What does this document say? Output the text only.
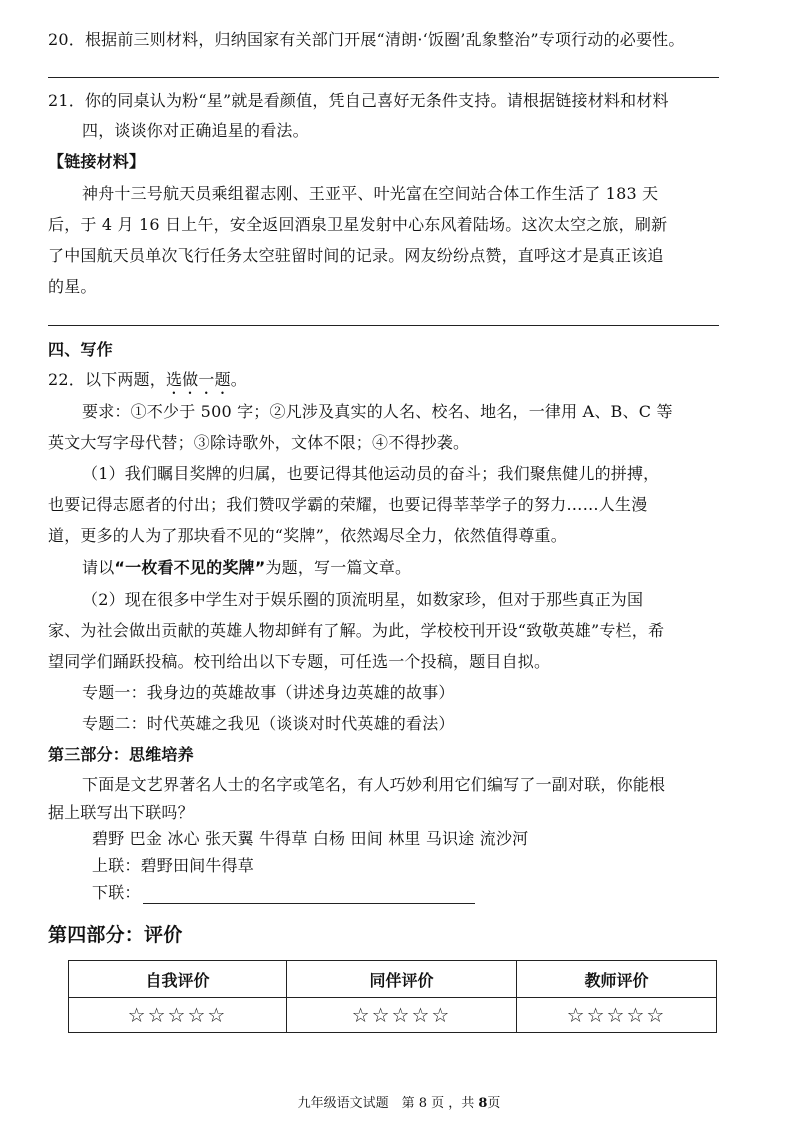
20．根据前三则材料，归纳国家有关部门开展“清朗·‘饭圈’乱象整治”专项行动的必要性。
21．你的同桌认为粉“星”就是看颜值，凭自己喜好无条件支持。请根据链接材料和材料
四，谈谈你对正确追星的看法。
【链接材料】
神舟十三号航天员乘组翟志刚、王亚平、叶光富在空间站合体工作生活了 183 天
后，于 4 月 16 日上午，安全返回酒泉卫星发射中心东风着陆场。这次太空之旅，刷新
了中国航天员单次飞行任务太空驻留时间的记录。网友纷纷点赞，直呼这才是真正该追
的星。
四、写作
22．以下两题，选做一题。
要求：①不少于 500 字；②凡涉及真实的人名、校名、地名，一律用 A、B、C 等
英文大写字母代替；③除诗歌外，文体不限；④不得抄袭。
（1）我们瞩目奖牌的归属，也要记得其他运动员的奋斗；我们聚焦健儿的拼搏，
也要记得志愿者的付出；我们赞叹学霸的荣耀，也要记得莘莘学子的努力……人生漫
道，更多的人为了那块看不见的“奖牌”，依然竭尽全力，依然值得尊重。
请以“一枚看不见的奖牌”为题，写一篇文章。
（2）现在很多中学生对于娱乐圈的顶流明星，如数家珍，但对于那些真正为国
家、为社会做出贡献的英雄人物却鲜有了解。为此，学校校刊开设“致敬英雄”专栏，希
望同学们踊跃投稿。校刊给出以下专题，可任选一个投稿，题目自拟。
专题一：我身边的英雄故事（讲述身边英雄的故事）
专题二：时代英雄之我见（谈谈对时代英雄的看法）
第三部分：思维培养
下面是文艺界著名人士的名字或笔名，有人巧妙利用它们编写了一副对联，你能根
据上联写出下联吗？
碧野 巴金 冰心 张天翼 牛得草 白杨 田间 林里 马识途 流沙河
上联：碧野田间牛得草
下联：
第四部分：评价
自我评价	同伴评价	教师评价
☆☆☆☆☆	☆☆☆☆☆	☆☆☆☆☆
九年级语文试题　第 8 页 ，共 8页
